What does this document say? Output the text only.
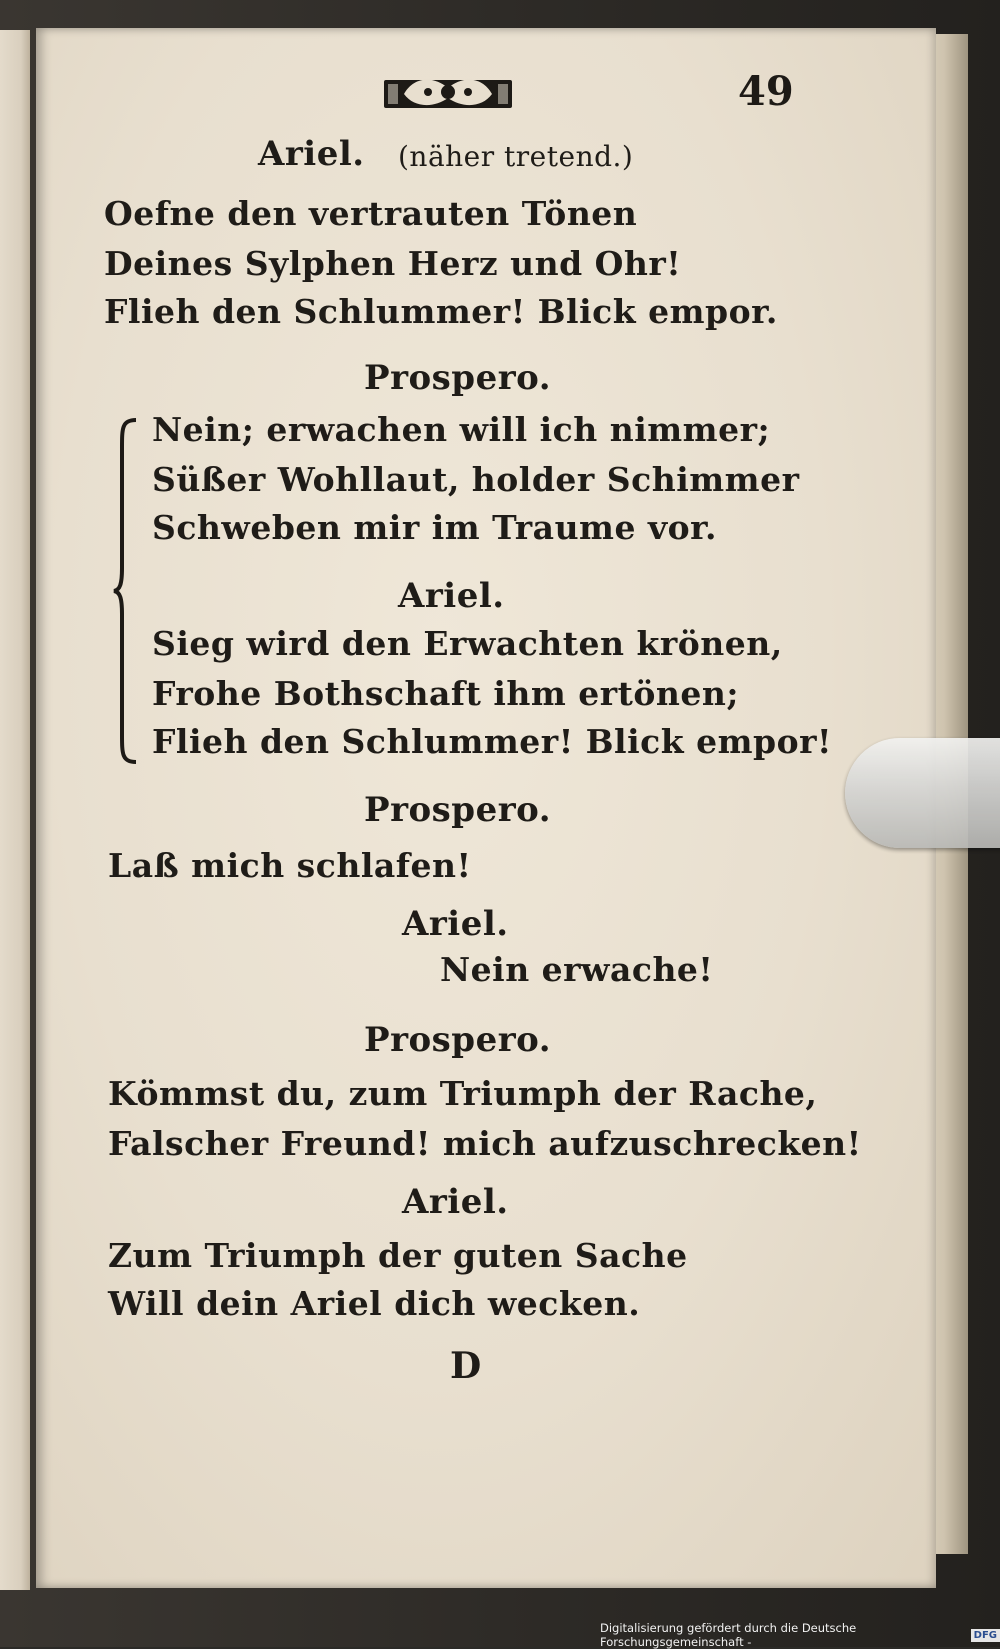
49
Ariel. (näher tretend.)
Oefne den vertrauten Tönen
Deines Sylphen Herz und Ohr!
Flieh den Schlummer! Blick empor.
Prospero.
Nein; erwachen will ich nimmer;
Süßer Wohllaut, holder Schimmer
Schweben mir im Traume vor.
Ariel.
Sieg wird den Erwachten krönen,
Frohe Bothschaft ihm ertönen;
Flieh den Schlummer! Blick empor!
Prospero.
Laß mich schlafen!
Ariel.
Nein erwache!
Prospero.
Kömmst du, zum Triumph der Rache,
Falscher Freund! mich aufzuschrecken!
Ariel.
Zum Triumph der guten Sache
Will dein Ariel dich wecken.
D
Digitalisierung gefördert durch die Deutsche Forschungsgemeinschaft -	DFG
